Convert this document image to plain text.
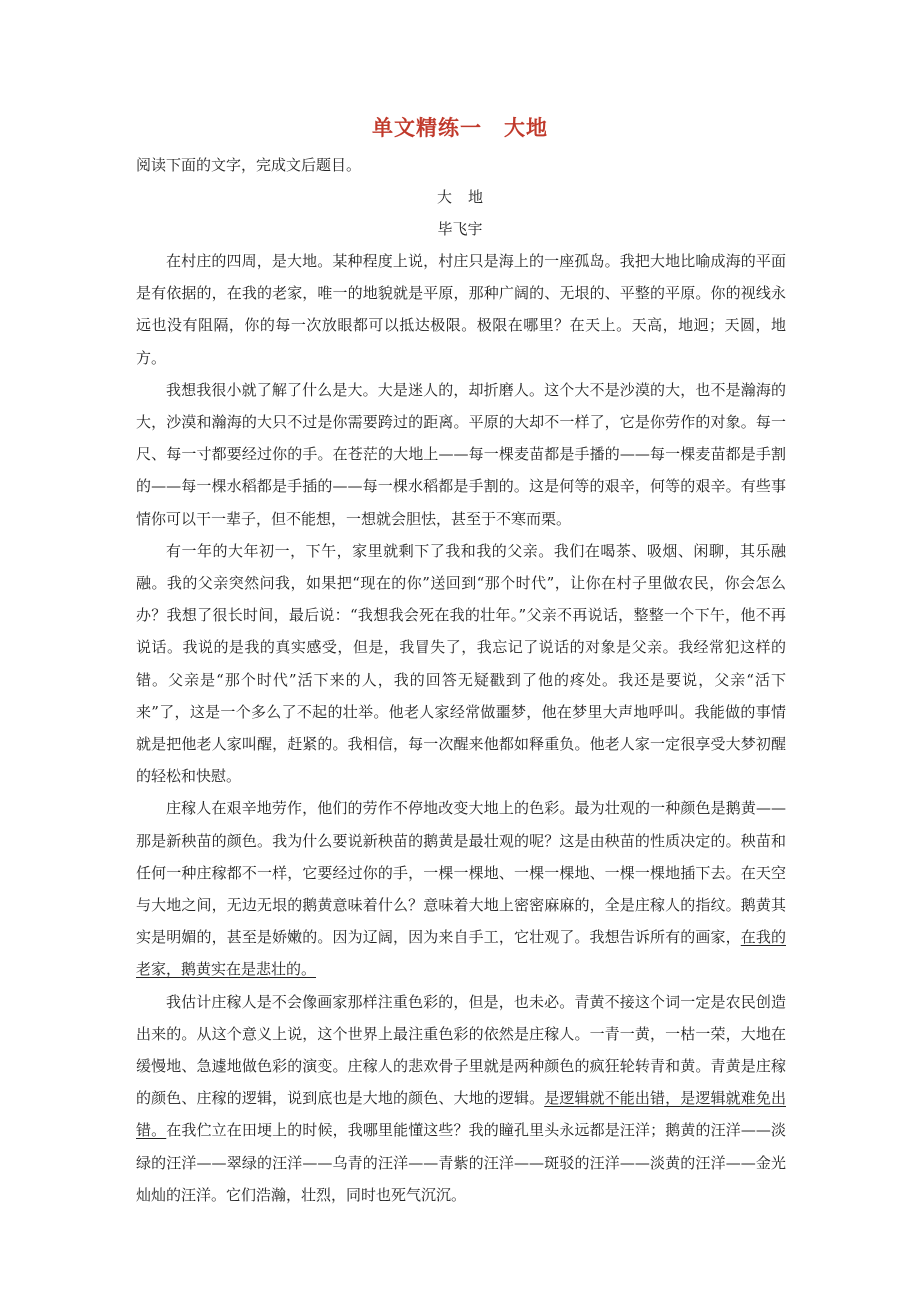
单文精练一　大地
阅读下面的文字，完成文后题目。
大地
毕飞宇

在村庄的四周，是大地。某种程度上说，村庄只是海上的一座孤岛。我把大地比喻成海的平面是有依据的，在我的老家，唯一的地貌就是平原，那种广阔的、无垠的、平整的平原。你的视线永远也没有阻隔，你的每一次放眼都可以抵达极限。极限在哪里？在天上。天高，地迥；天圆，地方。

我想我很小就了解了什么是大。大是迷人的，却折磨人。这个大不是沙漠的大，也不是瀚海的大，沙漠和瀚海的大只不过是你需要跨过的距离。平原的大却不一样了，它是你劳作的对象。每一尺、每一寸都要经过你的手。在苍茫的大地上——每一棵麦苗都是手播的——每一棵麦苗都是手割的——每一棵水稻都是手插的——每一棵水稻都是手割的。这是何等的艰辛，何等的艰辛。有些事情你可以干一辈子，但不能想，一想就会胆怯，甚至于不寒而栗。

有一年的大年初一，下午，家里就剩下了我和我的父亲。我们在喝茶、吸烟、闲聊，其乐融融。我的父亲突然问我，如果把“现在的你”送回到“那个时代”，让你在村子里做农民，你会怎么办？我想了很长时间，最后说：“我想我会死在我的壮年。”父亲不再说话，整整一个下午，他不再说话。我说的是我的真实感受，但是，我冒失了，我忘记了说话的对象是父亲。我经常犯这样的错。父亲是“那个时代”活下来的人，我的回答无疑戳到了他的疼处。我还是要说，父亲“活下来”了，这是一个多么了不起的壮举。他老人家经常做噩梦，他在梦里大声地呼叫。我能做的事情就是把他老人家叫醒，赶紧的。我相信，每一次醒来他都如释重负。他老人家一定很享受大梦初醒的轻松和快慰。

庄稼人在艰辛地劳作，他们的劳作不停地改变大地上的色彩。最为壮观的一种颜色是鹅黄——那是新秧苗的颜色。我为什么要说新秧苗的鹅黄是最壮观的呢？这是由秧苗的性质决定的。秧苗和任何一种庄稼都不一样，它要经过你的手，一棵一棵地、一棵一棵地、一棵一棵地插下去。在天空与大地之间，无边无垠的鹅黄意味着什么？意味着大地上密密麻麻的，全是庄稼人的指纹。鹅黄其实是明媚的，甚至是娇嫩的。因为辽阔，因为来自手工，它壮观了。我想告诉所有的画家，在我的老家，鹅黄实在是悲壮的。

我估计庄稼人是不会像画家那样注重色彩的，但是，也未必。青黄不接这个词一定是农民创造出来的。从这个意义上说，这个世界上最注重色彩的依然是庄稼人。一青一黄，一枯一荣，大地在缓慢地、急遽地做色彩的演变。庄稼人的悲欢骨子里就是两种颜色的疯狂轮转青和黄。青黄是庄稼的颜色、庄稼的逻辑，说到底也是大地的颜色、大地的逻辑。是逻辑就不能出错，是逻辑就难免出错。在我伫立在田埂上的时候，我哪里能懂这些？我的瞳孔里头永远都是汪洋；鹅黄的汪洋——淡绿的汪洋——翠绿的汪洋——乌青的汪洋——青紫的汪洋——斑驳的汪洋——淡黄的汪洋——金光灿灿的汪洋。它们浩瀚，壮烈，同时也死气沉沉。
